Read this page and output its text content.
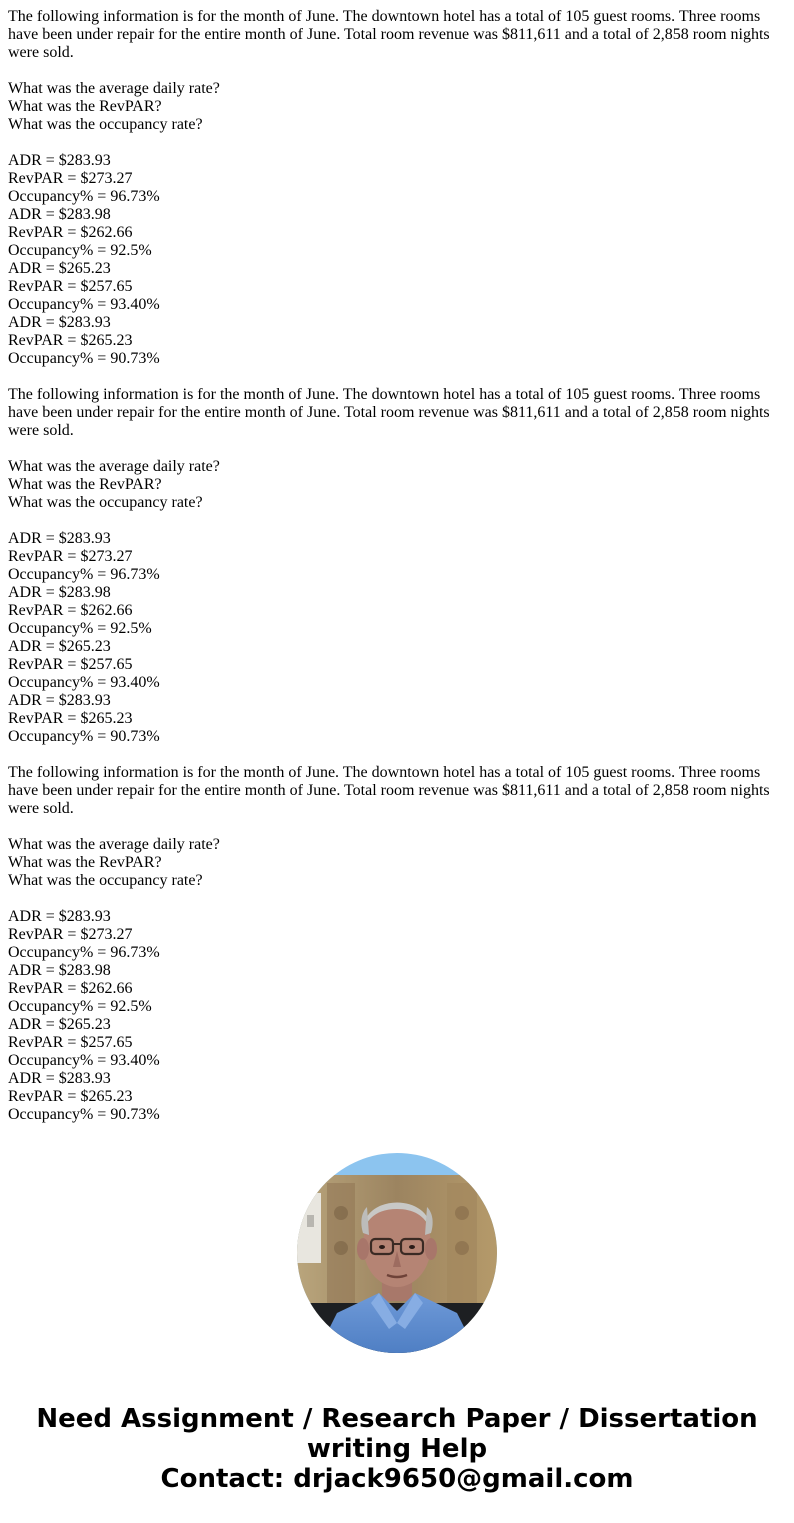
The following information is for the month of June. The downtown hotel has a total of 105 guest rooms. Three rooms have been under repair for the entire month of June. Total room revenue was $811,611 and a total of 2,858 room nights were sold.

What was the average daily rate?
What was the RevPAR?
What was the occupancy rate?

ADR = $283.93
RevPAR = $273.27
Occupancy% = 96.73%
ADR = $283.98
RevPAR = $262.66
Occupancy% = 92.5%
ADR = $265.23
RevPAR = $257.65
Occupancy% = 93.40%
ADR = $283.93
RevPAR = $265.23
Occupancy% = 90.73%

The following information is for the month of June. The downtown hotel has a total of 105 guest rooms. Three rooms have been under repair for the entire month of June. Total room revenue was $811,611 and a total of 2,858 room nights were sold.

What was the average daily rate?
What was the RevPAR?
What was the occupancy rate?

ADR = $283.93
RevPAR = $273.27
Occupancy% = 96.73%
ADR = $283.98
RevPAR = $262.66
Occupancy% = 92.5%
ADR = $265.23
RevPAR = $257.65
Occupancy% = 93.40%
ADR = $283.93
RevPAR = $265.23
Occupancy% = 90.73%

The following information is for the month of June. The downtown hotel has a total of 105 guest rooms. Three rooms have been under repair for the entire month of June. Total room revenue was $811,611 and a total of 2,858 room nights were sold.

What was the average daily rate?
What was the RevPAR?
What was the occupancy rate?

ADR = $283.93
RevPAR = $273.27
Occupancy% = 96.73%
ADR = $283.98
RevPAR = $262.66
Occupancy% = 92.5%
ADR = $265.23
RevPAR = $257.65
Occupancy% = 93.40%
ADR = $283.93
RevPAR = $265.23
Occupancy% = 90.73%

Need Assignment / Research Paper / Dissertation
writing Help
Contact: drjack9650@gmail.com
